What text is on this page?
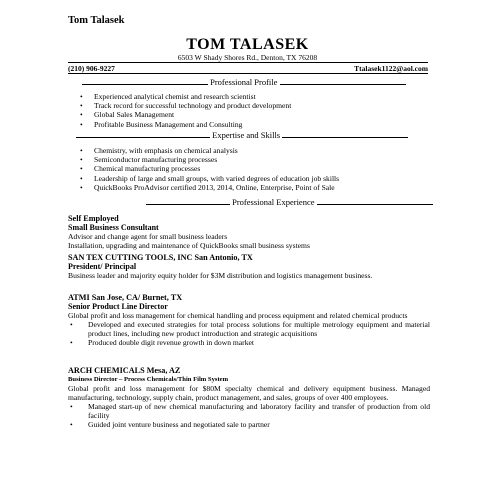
Tom Talasek
TOM TALASEK
6503 W Shady Shores Rd., Denton, TX 76208
(210) 906-9227	Ttalasek1122@aol.com
Professional Profile
• Experienced analytical chemist and research scientist
• Track record for successful technology and product development
• Global Sales Management
• Profitable Business Management and Consulting
Expertise and Skills
• Chemistry, with emphasis on chemical analysis
• Semiconductor manufacturing processes
• Chemical manufacturing processes
• Leadership of large and small groups, with varied degrees of education job skills
• QuickBooks ProAdvisor certified 2013, 2014, Online, Enterprise, Point of Sale
Professional Experience
Self Employed
Small Business Consultant
Advisor and change agent for small business leaders
Installation, upgrading and maintenance of QuickBooks small business systems
SAN TEX CUTTING TOOLS, INC San Antonio, TX
President/ Principal
Business leader and majority equity holder for $3M distribution and logistics management business.
ATMI San Jose, CA/ Burnet, TX
Senior Product Line Director
Global profit and loss management for chemical handling and process equipment and related chemical products
• Developed and executed strategies for total process solutions for multiple metrology equipment and material product lines, including new product introduction and strategic acquisitions
• Produced double digit revenue growth in down market
ARCH CHEMICALS Mesa, AZ
Business Director – Process Chemicals/Thin Film System
Global profit and loss management for $80M specialty chemical and delivery equipment business. Managed manufacturing, technology, supply chain, product management, and sales, groups of over 400 employees.
• Managed start-up of new chemical manufacturing and laboratory facility and transfer of production from old facility
• Guided joint venture business and negotiated sale to partner
